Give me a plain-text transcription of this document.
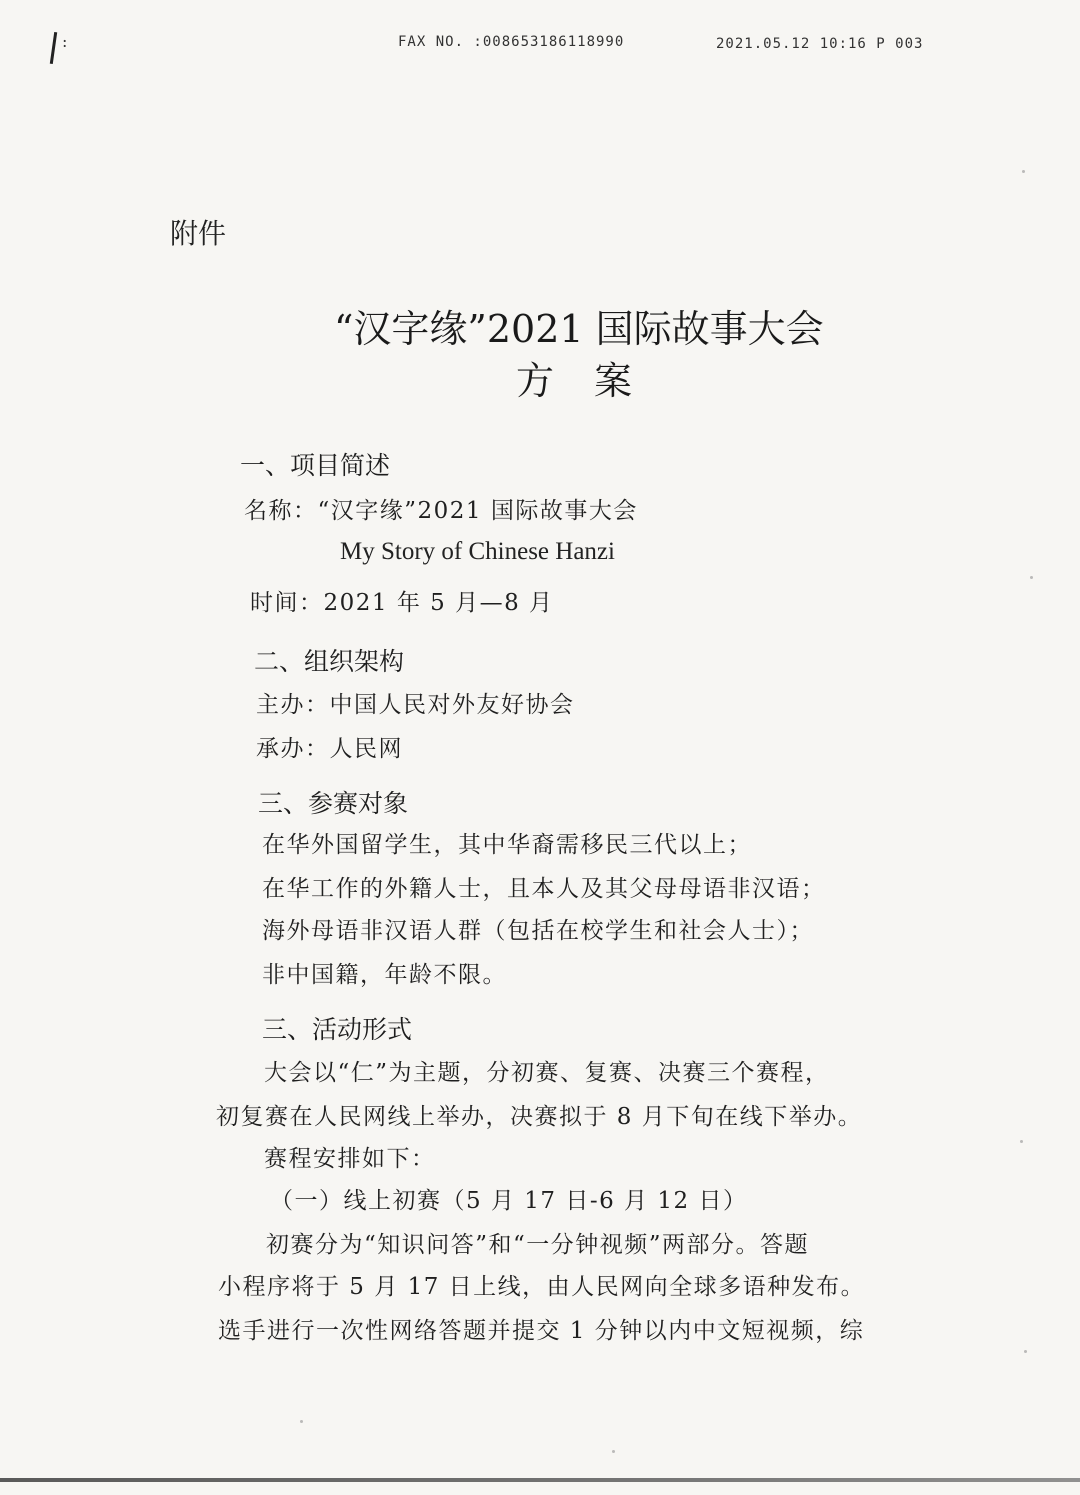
:	FAX NO. :008653186118990	2021.05.12 10:16 P 003
附件
“汉字缘”2021 国际故事大会
方案
一、项目简述
名称：“汉字缘”2021 国际故事大会
My Story of Chinese Hanzi
时间：2021 年 5 月—8 月
二、组织架构
主办：中国人民对外友好协会
承办：人民网
三、参赛对象
在华外国留学生，其中华裔需移民三代以上；
在华工作的外籍人士，且本人及其父母母语非汉语；
海外母语非汉语人群（包括在校学生和社会人士）；
非中国籍，年龄不限。
三、活动形式
大会以“仁”为主题，分初赛、复赛、决赛三个赛程，
初复赛在人民网线上举办，决赛拟于 8 月下旬在线下举办。
赛程安排如下：
（一）线上初赛（5 月 17 日-6 月 12 日）
初赛分为“知识问答”和“一分钟视频”两部分。答题
小程序将于 5 月 17 日上线，由人民网向全球多语种发布。
选手进行一次性网络答题并提交 1 分钟以内中文短视频，综
